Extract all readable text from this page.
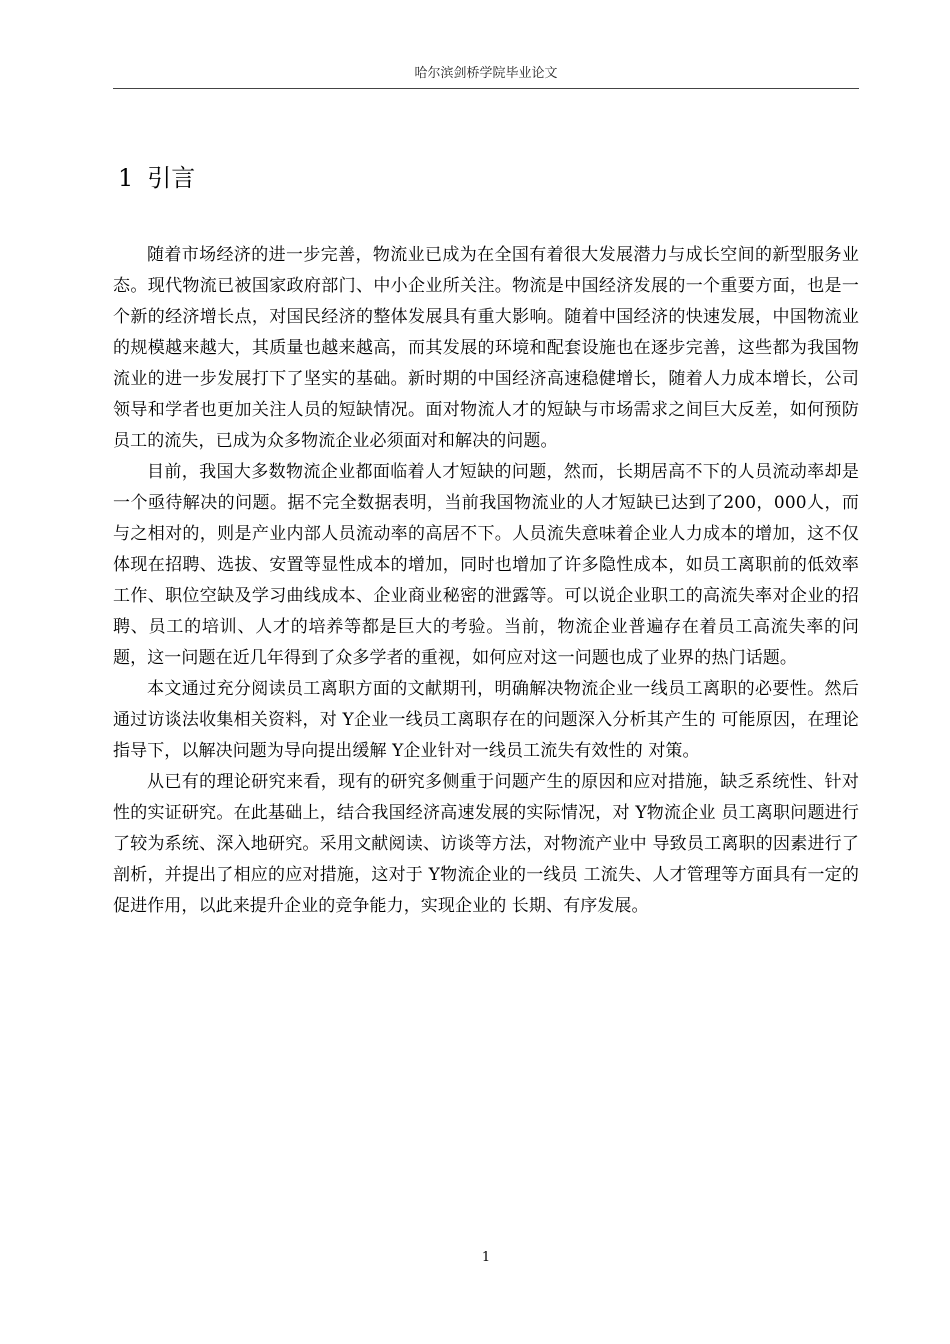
哈尔滨剑桥学院毕业论文
1 引言

随着市场经济的进一步完善，物流业已成为在全国有着很大发展潜力与成长空间的新型服务业态。现代物流已被国家政府部门、中小企业所关注。物流是中国经济发展的一个重要方面，也是一个新的经济增长点，对国民经济的整体发展具有重大影响。随着中国经济的快速发展，中国物流业的规模越来越大，其质量也越来越高，而其发展的环境和配套设施也在逐步完善，这些都为我国物流业的进一步发展打下了坚实的基础。新时期的中国经济高速稳健增长，随着人力成本增长，公司领导和学者也更加关注人员的短缺情况。面对物流人才的短缺与市场需求之间巨大反差，如何预防员工的流失，已成为众多物流企业必须面对和解决的问题。

目前，我国大多数物流企业都面临着人才短缺的问题，然而，长期居高不下的人员流动率却是一个亟待解决的问题。据不完全数据表明，当前我国物流业的人才短缺已达到了200，000人，而与之相对的，则是产业内部人员流动率的高居不下。人员流失意味着企业人力成本的增加，这不仅体现在招聘、选拔、安置等显性成本的增加，同时也增加了许多隐性成本，如员工离职前的低效率工作、职位空缺及学习曲线成本、企业商业秘密的泄露等。可以说企业职工的高流失率对企业的招聘、员工的培训、人才的培养等都是巨大的考验。当前，物流企业普遍存在着员工高流失率的问题，这一问题在近几年得到了众多学者的重视，如何应对这一问题也成了业界的热门话题。

本文通过充分阅读员工离职方面的文献期刊，明确解决物流企业一线员工离职的必要性。然后通过访谈法收集相关资料，对 Y企业一线员工离职存在的问题深入分析其产生的 可能原因，在理论指导下，以解决问题为导向提出缓解 Y企业针对一线员工流失有效性的 对策。

从已有的理论研究来看，现有的研究多侧重于问题产生的原因和应对措施，缺乏系统性、针对性的实证研究。在此基础上，结合我国经济高速发展的实际情况，对 Y物流企业 员工离职问题进行了较为系统、深入地研究。采用文献阅读、访谈等方法，对物流产业中 导致员工离职的因素进行了剖析，并提出了相应的应对措施，这对于 Y物流企业的一线员 工流失、人才管理等方面具有一定的促进作用，以此来提升企业的竞争能力，实现企业的 长期、有序发展。

1
